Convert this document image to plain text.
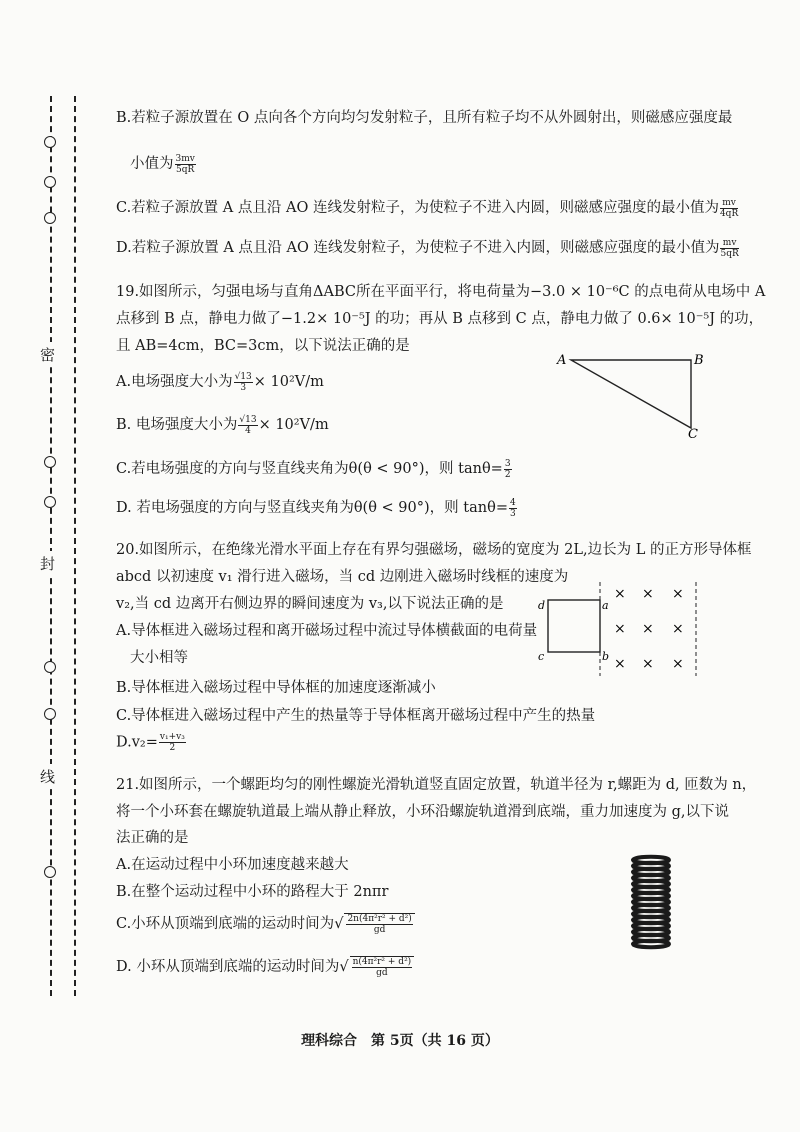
密
封
线
B.若粒子源放置在 O 点向各个方向均匀发射粒子，且所有粒子均不从外圆射出，则磁感应强度最
小值为 $\frac{3mv}{5qR}$
C.若粒子源放置 A 点且沿 AO 连线发射粒子，为使粒子不进入内圆，则磁感应强度的最小值为 $\frac{mv}{4qR}$
D.若粒子源放置 A 点且沿 AO 连线发射粒子，为使粒子不进入内圆，则磁感应强度的最小值为 $\frac{mv}{5qR}$
19.如图所示，匀强电场与直角ΔABC所在平面平行，将电荷量为−3.0 × 10⁻⁶C 的点电荷从电场中 A
点移到 B 点，静电力做了−1.2× 10⁻⁵J 的功；再从 B 点移到 C 点，静电力做了 0.6× 10⁻⁵J 的功，
且 AB=4cm，BC=3cm，以下说法正确的是
A.电场强度大小为 $\frac{√13}{3} \times 10^2V/m$
B. 电场强度大小为 $\frac{√13}{4} \times 10^2V/m$
C.若电场强度的方向与竖直线夹角为θ(θ < 90°)，则 $\tan\theta= \frac{3}{2}$
D. 若电场强度的方向与竖直线夹角为θ(θ < 90°)，则 $\tan\theta= \frac{4}{3}$
A	B
C
20.如图所示，在绝缘光滑水平面上存在有界匀强磁场，磁场的宽度为 2L,边长为 L 的正方形导体框
abcd 以初速度 v₁ 滑行进入磁场，当 cd 边刚进入磁场时线框的速度为
v₂,当 cd 边离开右侧边界的瞬间速度为 v₃,以下说法正确的是
A.导体框进入磁场过程和离开磁场过程中流过导体横截面的电荷量
大小相等
B.导体框进入磁场过程中导体框的加速度逐渐减小
C.导体框进入磁场过程中产生的热量等于导体框离开磁场过程中产生的热量
$D.v_2= \frac{\text{v₁+v₃}}{2}$
d	a
c	b
× × ×
× × ×
× × ×
21.如图所示，一个螺距均匀的刚性螺旋光滑轨道竖直固定放置，轨道半径为 r,螺距为 d, 匝数为 n，
将一个小环套在螺旋轨道最上端从静止释放，小环沿螺旋轨道滑到底端，重力加速度为 g,以下说
法正确的是
A.在运动过程中小环加速度越来越大
B.在整个运动过程中小环的路程大于 2nπr
C.小环从顶端到底端的运动时间为√ $\frac{\text{2n(4π²r² + d²)}}{gd}$
D. 小环从顶端到底端的运动时间为√ $\frac{\text{n(4π²r² + d²)}}{gd}$
理科综合　第 5页（共 16 页）
